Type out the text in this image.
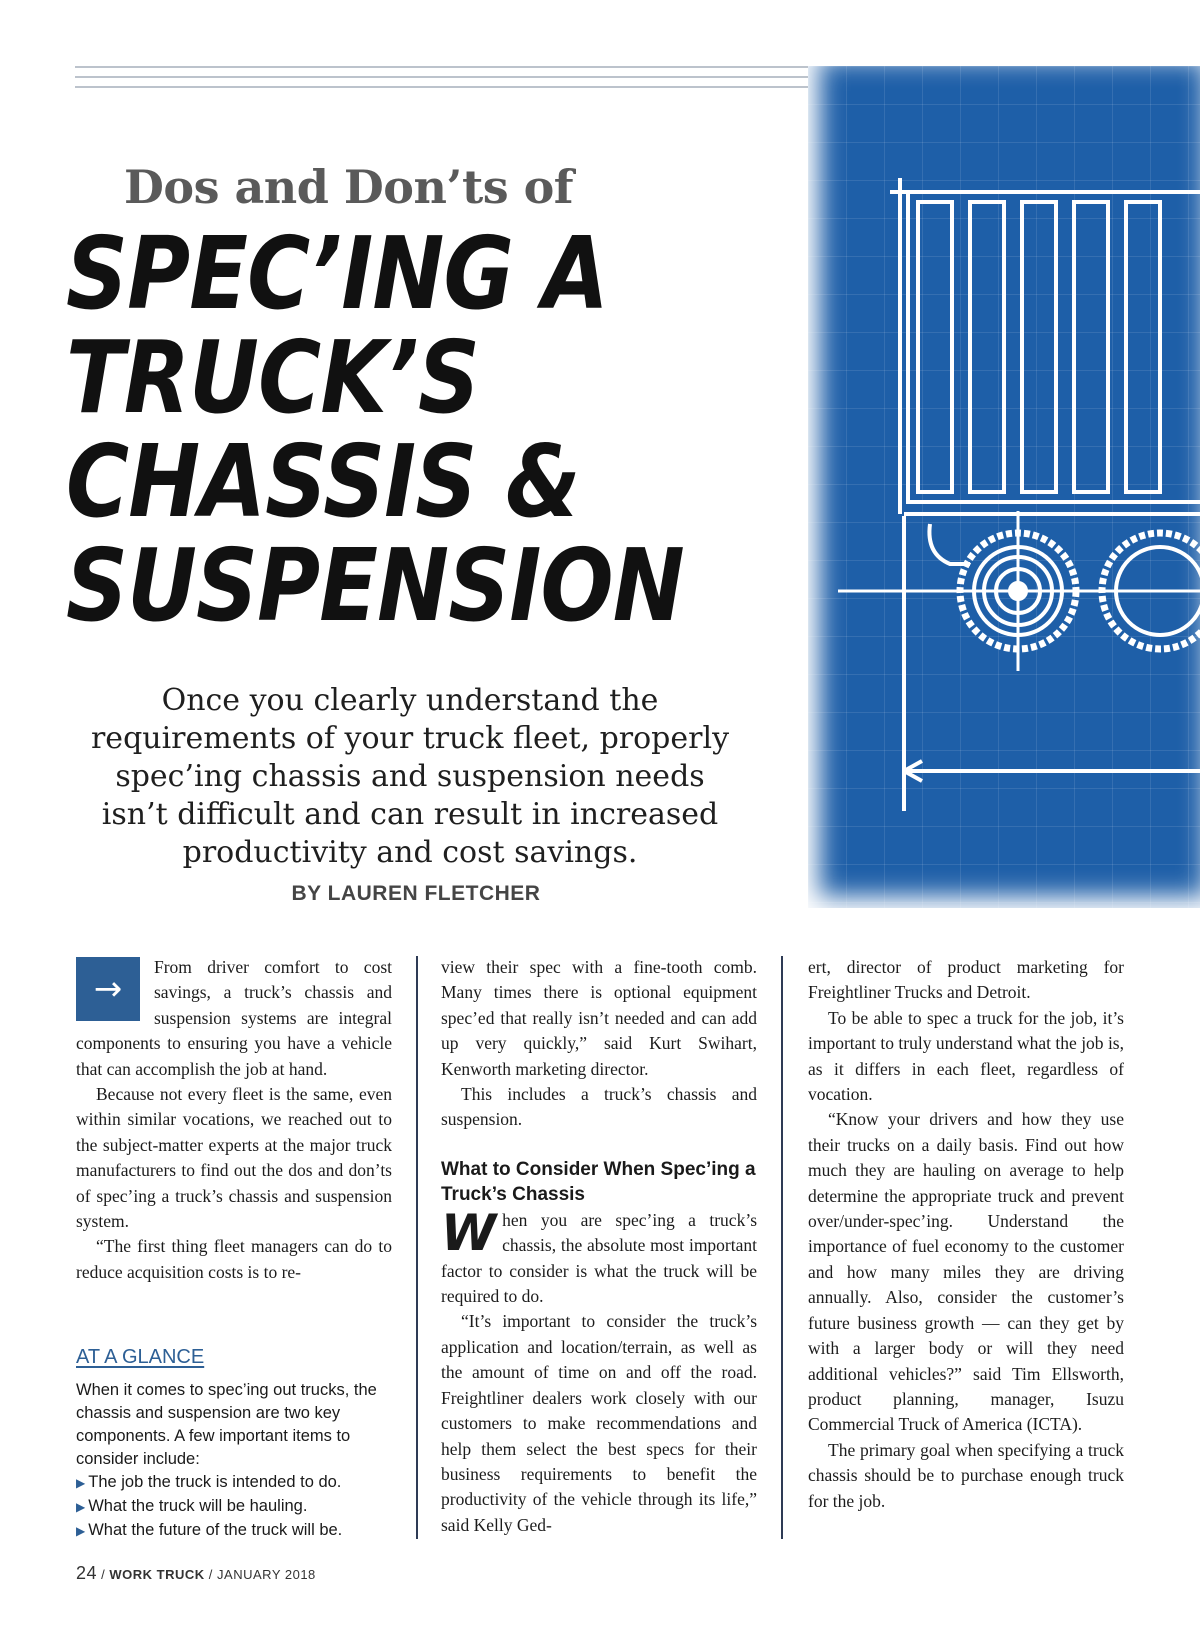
Dos and Don’ts of
SPEC’ING A
TRUCK’S
CHASSIS &
SUSPENSION
Once you clearly understand the requirements of your truck fleet, properly spec’ing chassis and suspension needs isn’t difficult and can result in increased productivity and cost savings.
BY LAUREN FLETCHER
→

From driver comfort to cost savings, a truck’s chassis and suspension systems are integral components to ensuring you have a vehicle that can accomplish the job at hand.

Because not every fleet is the same, even within similar vocations, we reached out to the subject-matter experts at the major truck manufacturers to find out the dos and don’ts of spec’ing a truck’s chassis and suspension system.

“The first thing fleet managers can do to reduce acquisition costs is to re-

AT A GLANCE
When it comes to spec’ing out trucks, the chassis and suspension are two key components. A few important items to consider include:
▶ The job the truck is intended to do.
▶ What the truck will be hauling.
▶ What the future of the truck will be.

view their spec with a fine-tooth comb. Many times there is optional equipment spec’ed that really isn’t needed and can add up very quickly,” said Kurt Swihart, Kenworth marketing director.

This includes a truck’s chassis and suspension.

What to Consider When Spec’ing a Truck’s Chassis

When you are spec’ing a truck’s chassis, the absolute most important factor to consider is what the truck will be required to do.

“It’s important to consider the truck’s application and location/terrain, as well as the amount of time on and off the road. Freightliner dealers work closely with our customers to make recommendations and help them select the best specs for their business requirements to benefit the productivity of the vehicle through its life,” said Kelly Ged-

ert, director of product marketing for Freightliner Trucks and Detroit.

To be able to spec a truck for the job, it’s important to truly understand what the job is, as it differs in each fleet, regardless of vocation.

“Know your drivers and how they use their trucks on a daily basis. Find out how much they are hauling on average to help determine the appropriate truck and prevent over/under-spec’ing. Understand the importance of fuel economy to the customer and how many miles they are driving annually. Also, consider the customer’s future business growth — can they get by with a larger body or will they need additional vehicles?” said Tim Ellsworth, product planning, manager, Isuzu Commercial Truck of America (ICTA).

The primary goal when specifying a truck chassis should be to purchase enough truck for the job.

24 / WORK TRUCK / JANUARY 2018
